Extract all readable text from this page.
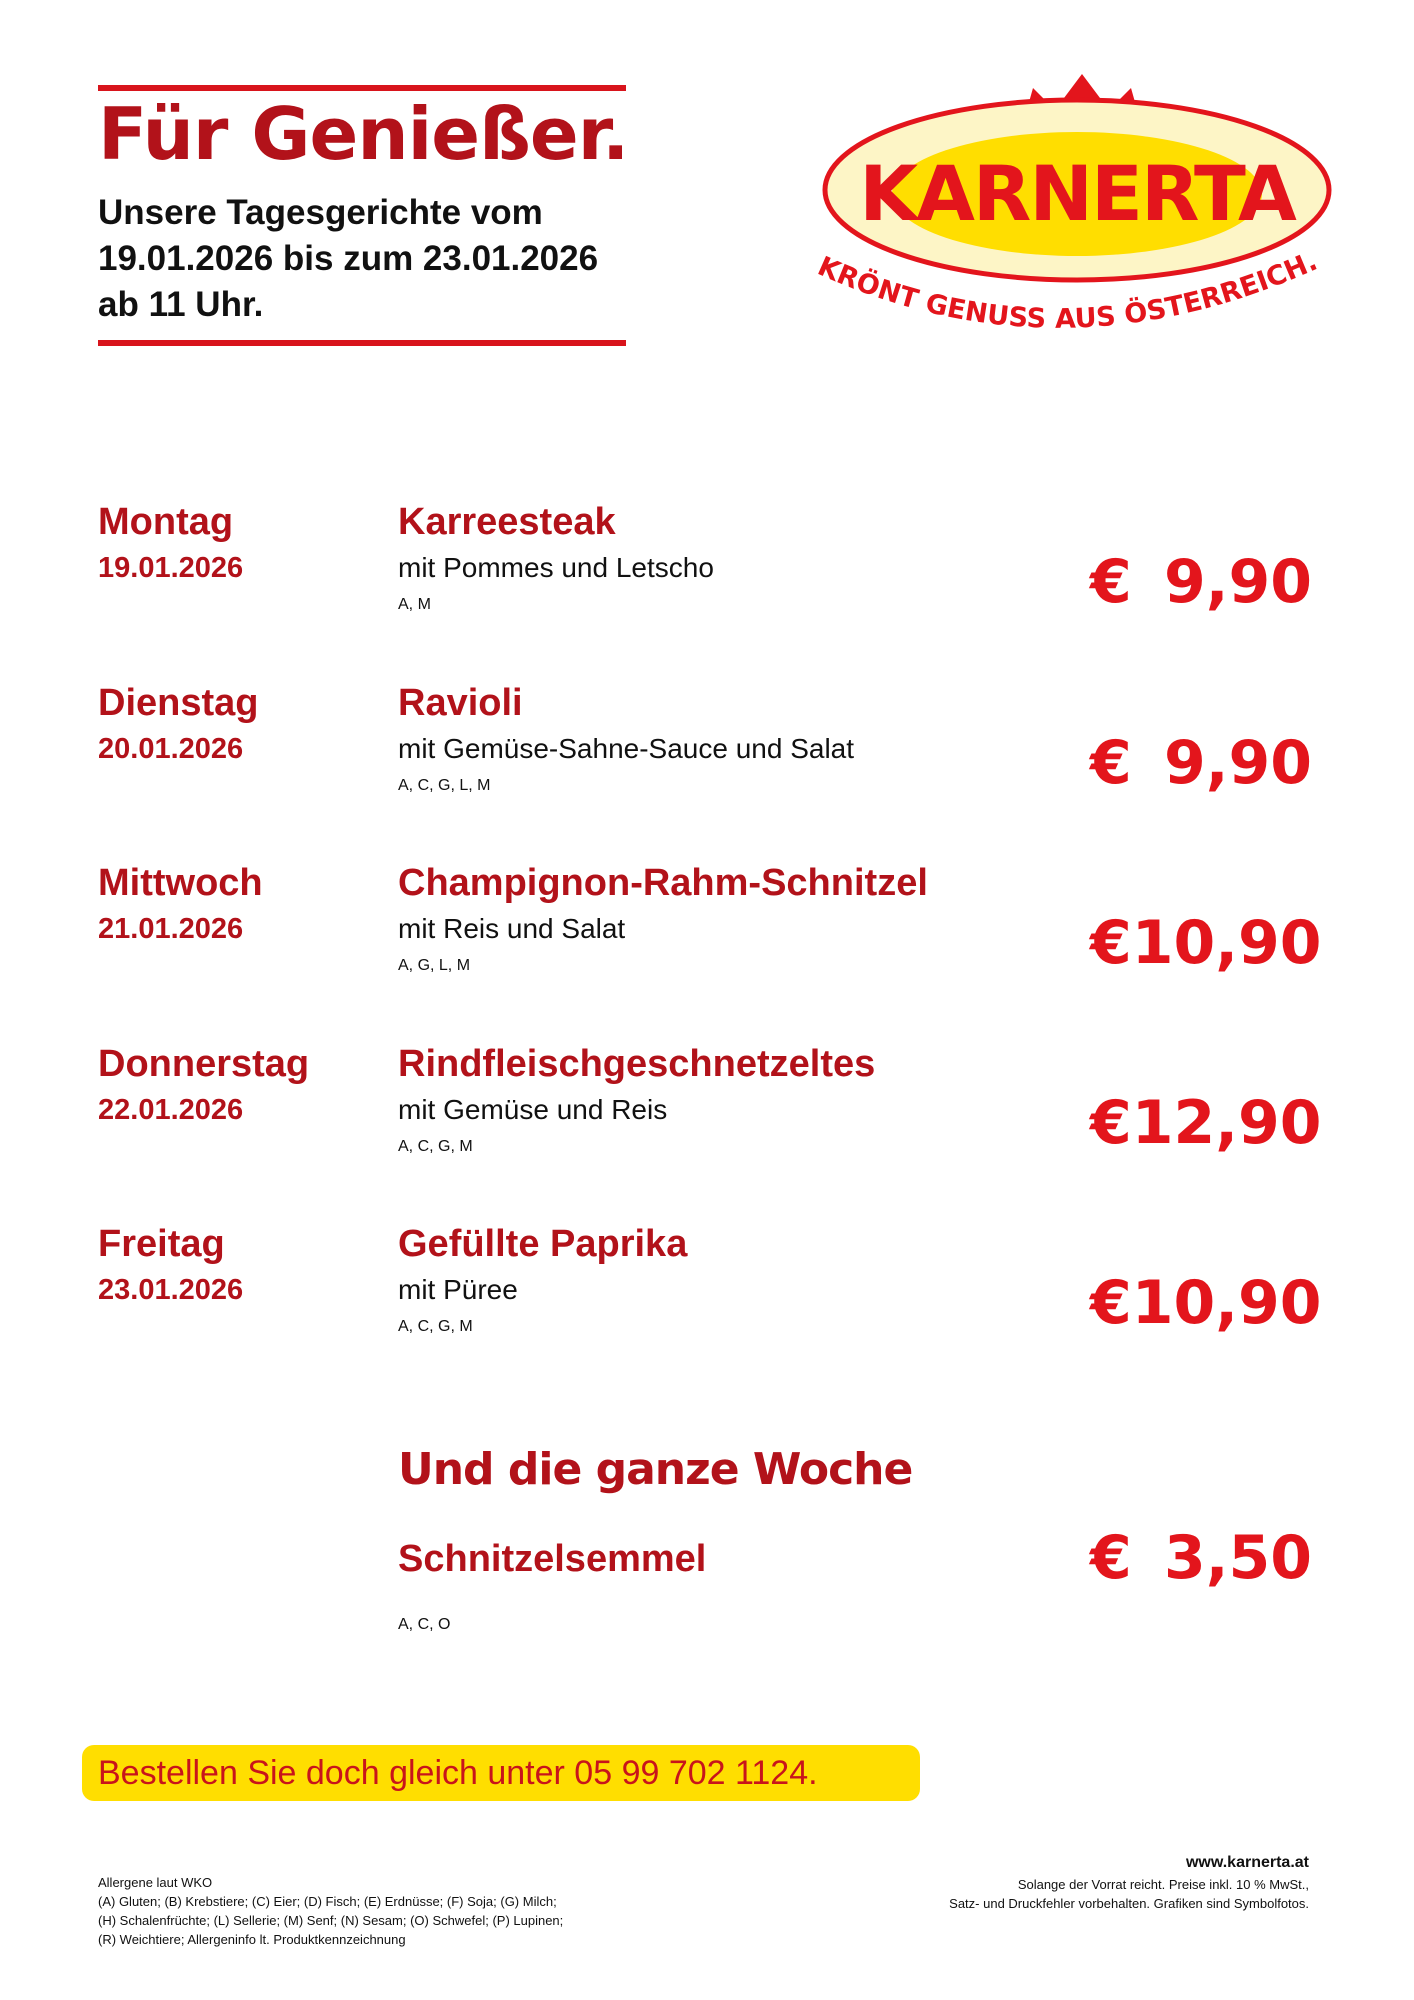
Für Genießer.
Unsere Tagesgerichte vom
19.01.2026 bis zum 23.01.2026
ab 11 Uhr.
KARNERTA
KRÖNT GENUSS AUS ÖSTERREICH.
Montag
19.01.2026
Karreesteak
mit Pommes und Letscho
A, M	€ 9,90
Dienstag
20.01.2026
Ravioli
mit Gemüse-Sahne-Sauce und Salat
A, C, G, L, M	€ 9,90
Mittwoch
21.01.2026
Champignon-Rahm-Schnitzel
mit Reis und Salat
A, G, L, M	€ 10,90
Donnerstag
22.01.2026
Rindfleischgeschnetzeltes
mit Gemüse und Reis
A, C, G, M	€ 12,90
Freitag
23.01.2026
Gefüllte Paprika
mit Püree
A, C, G, M	€ 10,90
Und die ganze Woche
Schnitzelsemmel
A, C, O
€ 3,50
Bestellen Sie doch gleich unter 05 99 702 1124.
Allergene laut WKO
(A) Gluten; (B) Krebstiere; (C) Eier; (D) Fisch; (E) Erdnüsse; (F) Soja; (G) Milch;
(H) Schalenfrüchte; (L) Sellerie; (M) Senf; (N) Sesam; (O) Schwefel; (P) Lupinen;
(R) Weichtiere; Allergeninfo lt. Produktkennzeichnung
www.karnerta.at
Solange der Vorrat reicht. Preise inkl. 10 % MwSt.,
Satz- und Druckfehler vorbehalten. Grafiken sind Symbolfotos.
